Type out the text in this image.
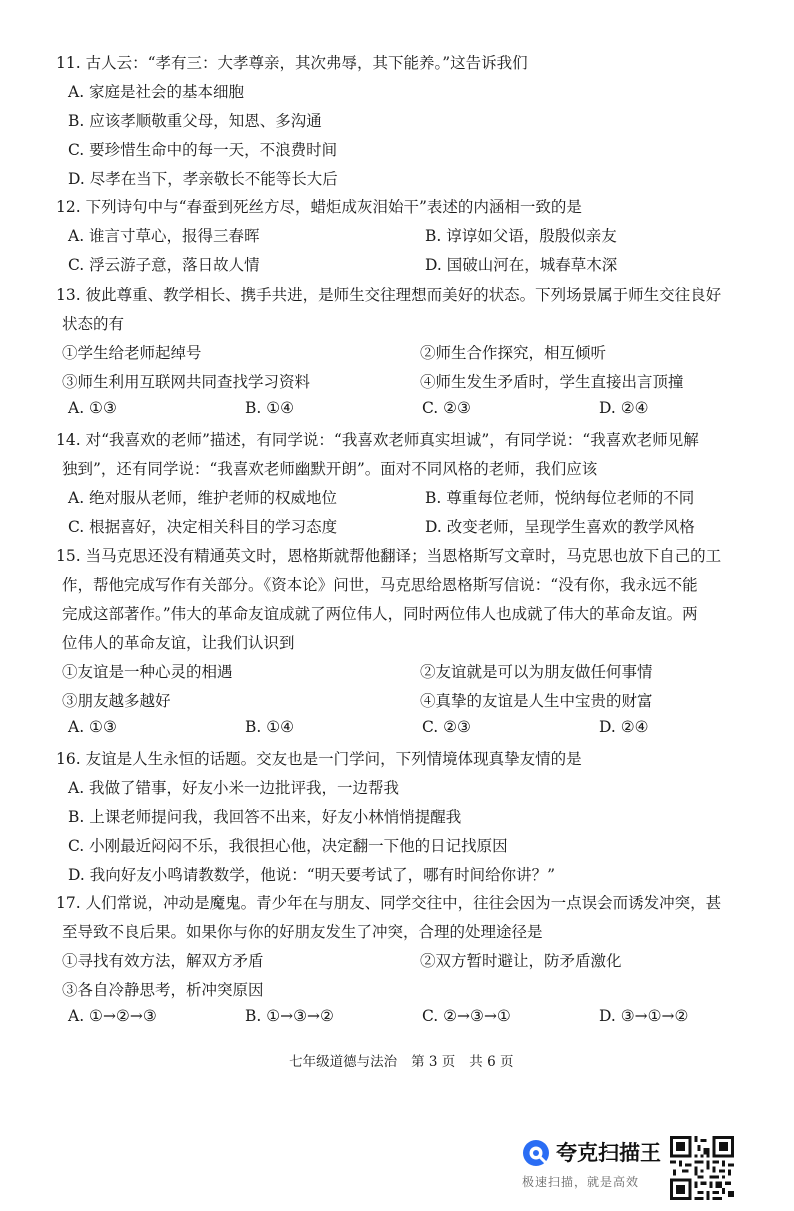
11. 古人云：“孝有三：大孝尊亲，其次弗辱，其下能养。”这告诉我们
A. 家庭是社会的基本细胞
B. 应该孝顺敬重父母，知恩、多沟通
C. 要珍惜生命中的每一天，不浪费时间
D. 尽孝在当下，孝亲敬长不能等长大后
12. 下列诗句中与“春蚕到死丝方尽，蜡炬成灰泪始干”表述的内涵相一致的是
A. 谁言寸草心，报得三春晖	B. 谆谆如父语，殷殷似亲友
C. 浮云游子意，落日故人情	D. 国破山河在，城春草木深
13. 彼此尊重、教学相长、携手共进，是师生交往理想而美好的状态。下列场景属于师生交往良好
状态的有
①学生给老师起绰号	②师生合作探究，相互倾听
③师生利用互联网共同查找学习资料	④师生发生矛盾时，学生直接出言顶撞
A. ①③	B. ①④	C. ②③	D. ②④
14. 对“我喜欢的老师”描述，有同学说：“我喜欢老师真实坦诚”，有同学说：“我喜欢老师见解
独到”，还有同学说：“我喜欢老师幽默开朗”。面对不同风格的老师，我们应该
A. 绝对服从老师，维护老师的权威地位	B. 尊重每位老师，悦纳每位老师的不同
C. 根据喜好，决定相关科目的学习态度	D. 改变老师，呈现学生喜欢的教学风格
15. 当马克思还没有精通英文时，恩格斯就帮他翻译；当恩格斯写文章时，马克思也放下自己的工
作，帮他完成写作有关部分。《资本论》问世，马克思给恩格斯写信说：“没有你，我永远不能
完成这部著作。”伟大的革命友谊成就了两位伟人，同时两位伟人也成就了伟大的革命友谊。两
位伟人的革命友谊，让我们认识到
①友谊是一种心灵的相遇	②友谊就是可以为朋友做任何事情
③朋友越多越好	④真挚的友谊是人生中宝贵的财富
A. ①③	B. ①④	C. ②③	D. ②④
16. 友谊是人生永恒的话题。交友也是一门学问，下列情境体现真挚友情的是
A. 我做了错事，好友小米一边批评我，一边帮我
B. 上课老师提问我，我回答不出来，好友小林悄悄提醒我
C. 小刚最近闷闷不乐，我很担心他，决定翻一下他的日记找原因
D. 我向好友小鸣请教数学，他说：“明天要考试了，哪有时间给你讲？”
17. 人们常说，冲动是魔鬼。青少年在与朋友、同学交往中，往往会因为一点误会而诱发冲突，甚
至导致不良后果。如果你与你的好朋友发生了冲突，合理的处理途径是
①寻找有效方法，解双方矛盾	②双方暂时避让，防矛盾激化
③各自冷静思考，析冲突原因
A. ①→②→③	B. ①→③→②	C. ②→③→①	D. ③→①→②

七年级道德与法治 第 3 页 共 6 页

夸克扫描王
极速扫描，就是高效
